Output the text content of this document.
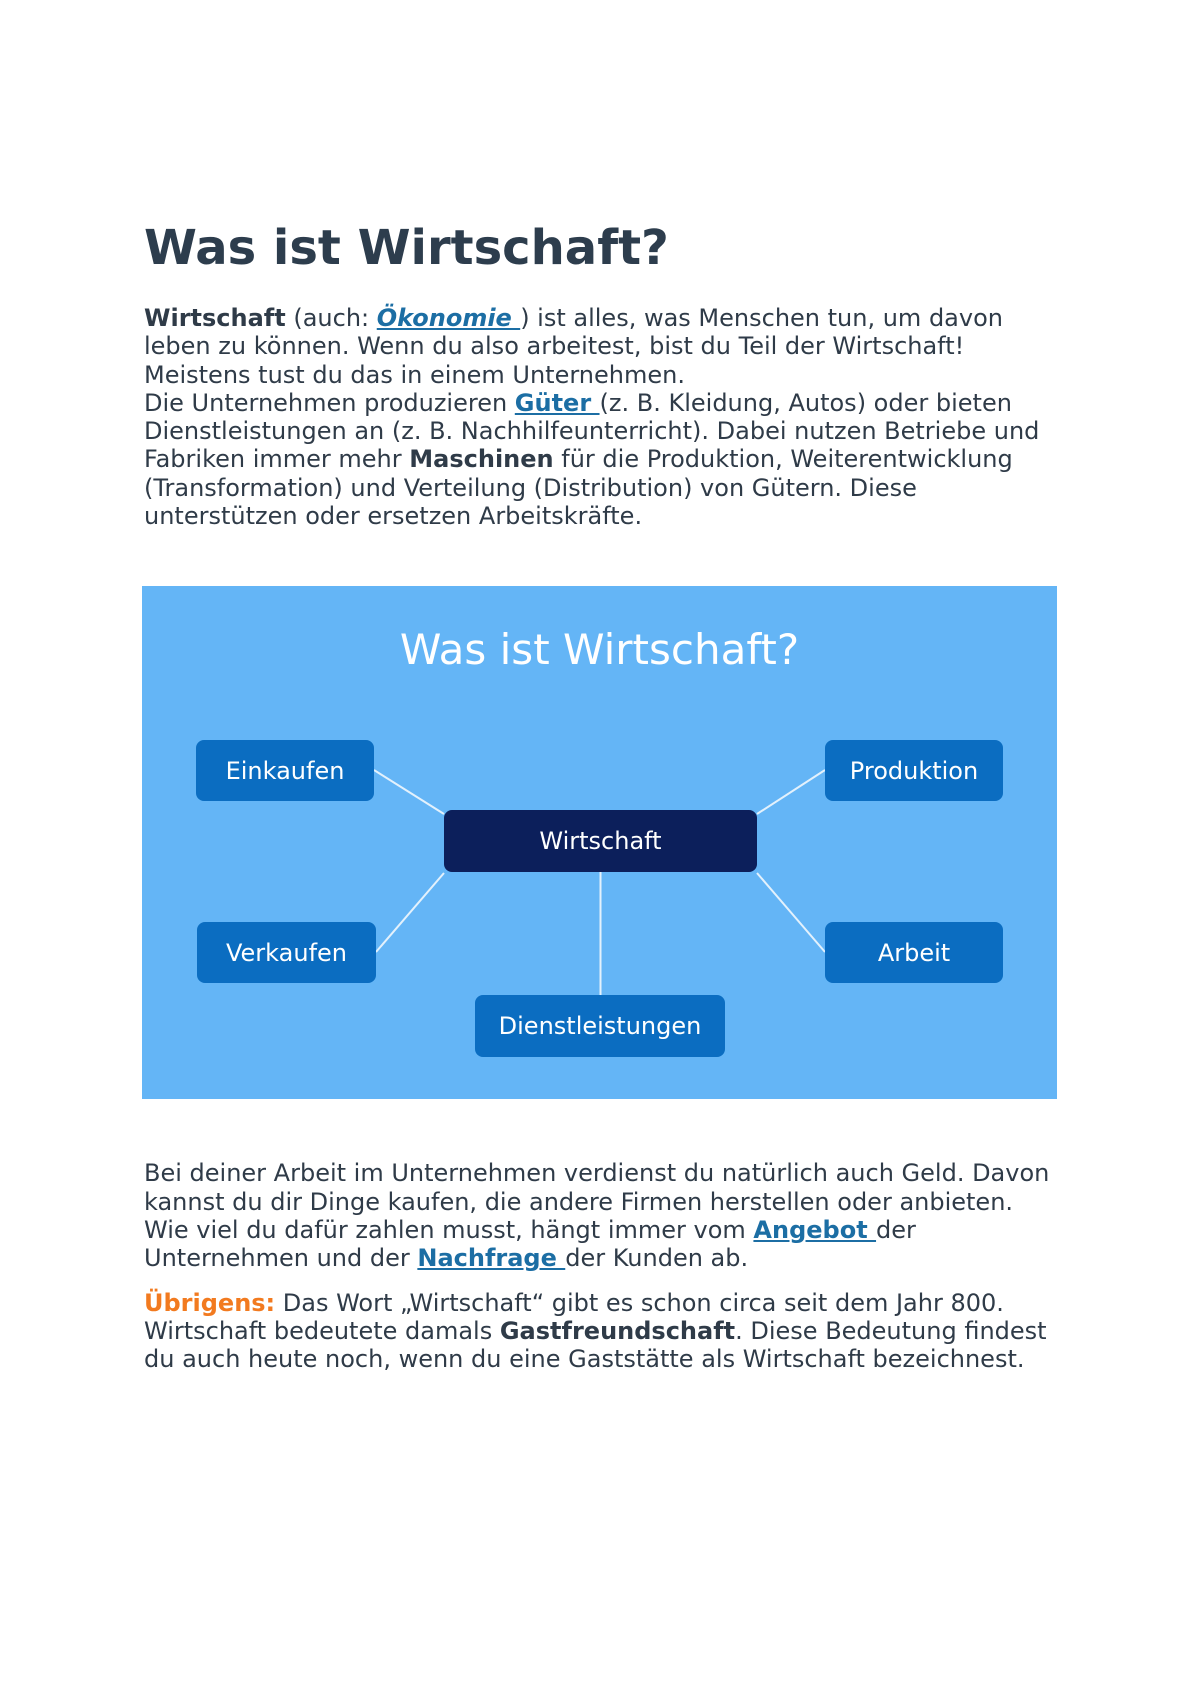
Was ist Wirtschaft?

Wirtschaft (auch: Ökonomie ) ist alles, was Menschen tun, um davon leben zu können. Wenn du also arbeitest, bist du Teil der Wirtschaft! Meistens tust du das in einem Unternehmen.

Die Unternehmen produzieren Güter (z. B. Kleidung, Autos) oder bieten Dienstleistungen an (z. B. Nachhilfeunterricht). Dabei nutzen Betriebe und Fabriken immer mehr Maschinen für die Produktion, Weiterentwicklung (Transformation) und Verteilung (Distribution) von Gütern. Diese unterstützen oder ersetzen Arbeitskräfte.

Was ist Wirtschaft?
Wirtschaft
Einkaufen	Produktion
Verkaufen	Arbeit
Dienstleistungen

Bei deiner Arbeit im Unternehmen verdienst du natürlich auch Geld. Davon kannst du dir Dinge kaufen, die andere Firmen herstellen oder anbieten. Wie viel du dafür zahlen musst, hängt immer vom Angebot der Unternehmen und der Nachfrage der Kunden ab.

Übrigens: Das Wort „Wirtschaft“ gibt es schon circa seit dem Jahr 800. Wirtschaft bedeutete damals Gastfreundschaft. Diese Bedeutung findest du auch heute noch, wenn du eine Gaststätte als Wirtschaft bezeichnest.
